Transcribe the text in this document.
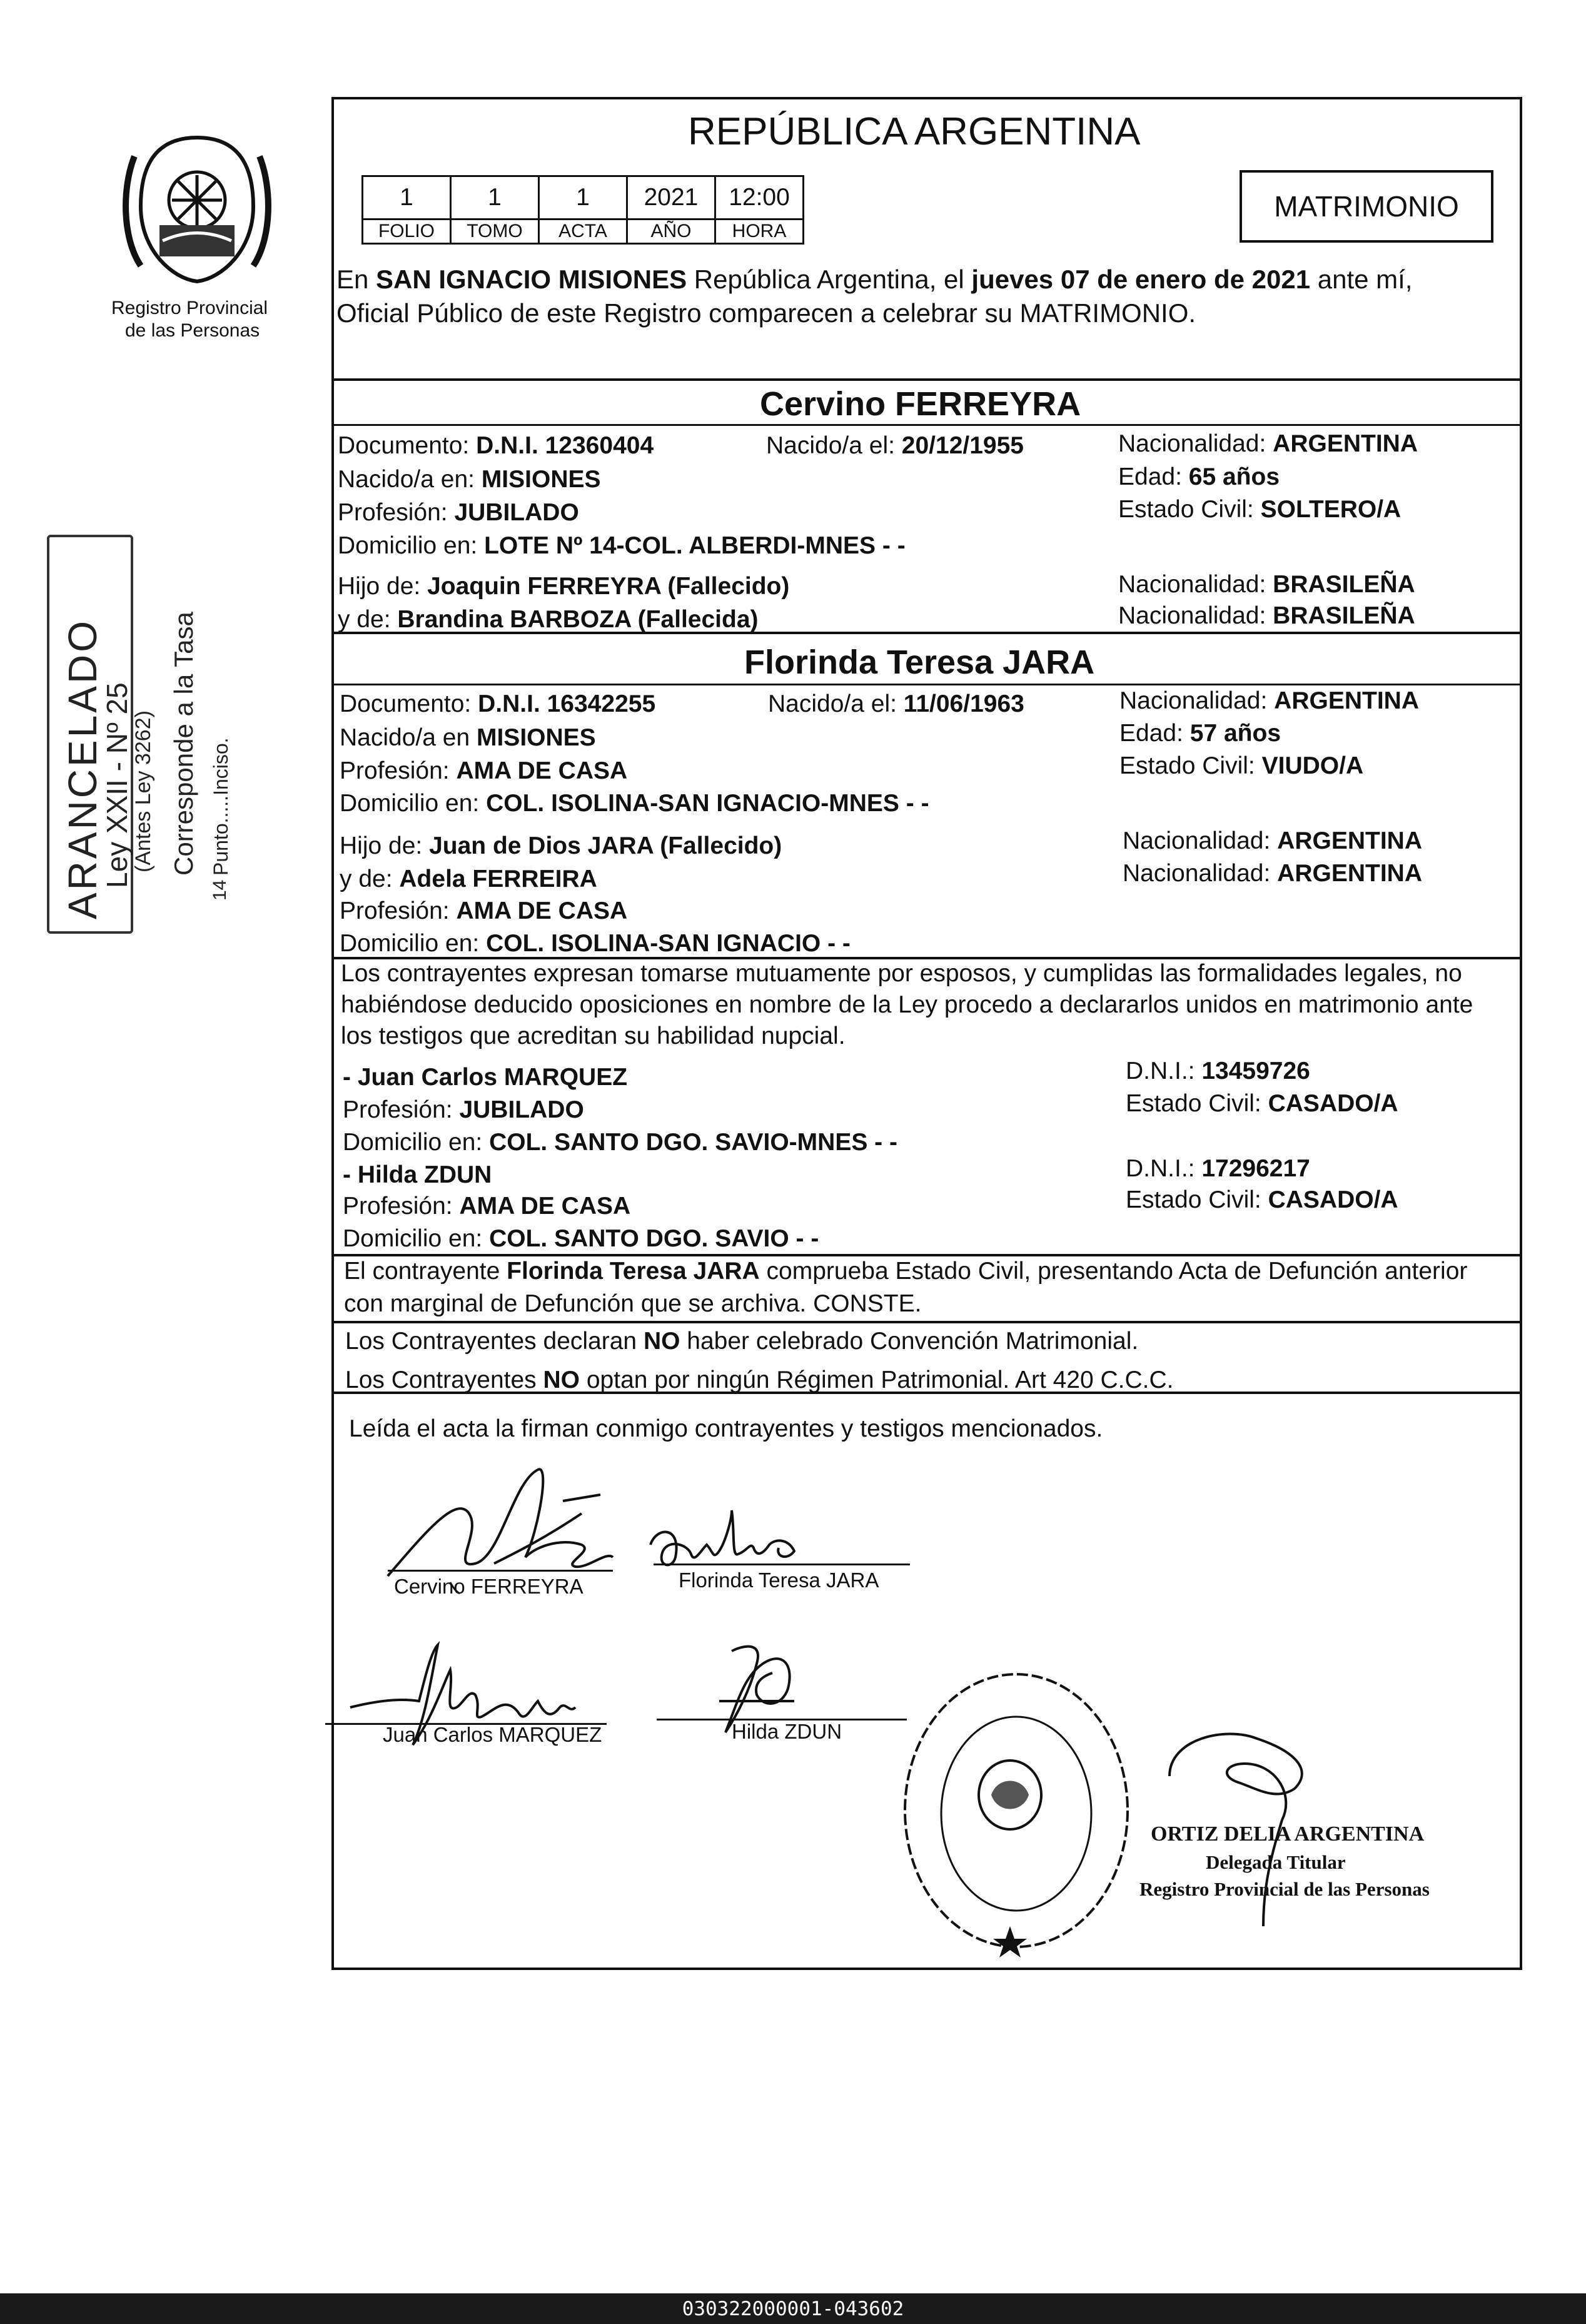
Registro Provincial
de las Personas
ARANCELADO
Ley XXII - Nº 25
(Antes Ley 3262) Corresponde a la Tasa Punto.....Inciso.
14
REPÚBLICA ARGENTINA
1	1	1	2021	12:00
FOLIO	TOMO	ACTA	AÑO	HORA
MATRIMONIO
En SAN IGNACIO MISIONES República Argentina, el jueves 07 de enero de 2021 ante mí,
Oficial Público de este Registro comparecen a celebrar su MATRIMONIO.
Cervino FERREYRA
Documento: D.N.I. 12360404	Nacido/a el: 20/12/1955	Nacionalidad: ARGENTINA
Nacido/a en: MISIONES	Edad: 65 años
Profesión: JUBILADO	Estado Civil: SOLTERO/A
Domicilio en: LOTE Nº 14-COL. ALBERDI-MNES - -
Hijo de: Joaquin FERREYRA (Fallecido)	Nacionalidad: BRASILEÑA
y de: Brandina BARBOZA (Fallecida)	Nacionalidad: BRASILEÑA
Florinda Teresa JARA
Documento: D.N.I. 16342255	Nacido/a el: 11/06/1963	Nacionalidad: ARGENTINA
Nacido/a en MISIONES	Edad: 57 años
Profesión: AMA DE CASA	Estado Civil: VIUDO/A
Domicilio en: COL. ISOLINA-SAN IGNACIO-MNES - -
Hijo de: Juan de Dios JARA (Fallecido)	Nacionalidad: ARGENTINA
y de: Adela FERREIRA	Nacionalidad: ARGENTINA
Profesión: AMA DE CASA
Domicilio en: COL. ISOLINA-SAN IGNACIO - -
Los contrayentes expresan tomarse mutuamente por esposos, y cumplidas las formalidades legales, no
habiéndose deducido oposiciones en nombre de la Ley procedo a declararlos unidos en matrimonio ante
los testigos que acreditan su habilidad nupcial.
- Juan Carlos MARQUEZ	D.N.I.: 13459726
Profesión: JUBILADO	Estado Civil: CASADO/A
Domicilio en: COL. SANTO DGO. SAVIO-MNES - -
- Hilda ZDUN	D.N.I.: 17296217
Profesión: AMA DE CASA	Estado Civil: CASADO/A
Domicilio en: COL. SANTO DGO. SAVIO - -
El contrayente Florinda Teresa JARA comprueba Estado Civil, presentando Acta de Defunción anterior
con marginal de Defunción que se archiva. CONSTE.
Los Contrayentes declaran NO haber celebrado Convención Matrimonial.
Los Contrayentes NO optan por ningún Régimen Patrimonial. Art 420 C.C.C.
Leída el acta la firman conmigo contrayentes y testigos mencionados.
Cervino FERREYRA	Florinda Teresa JARA
Juan Carlos MARQUEZ	Hilda ZDUN
ORTIZ DELIA ARGENTINA
Delegada Titular
Registro Provincial de las Personas
030322000001-043602
